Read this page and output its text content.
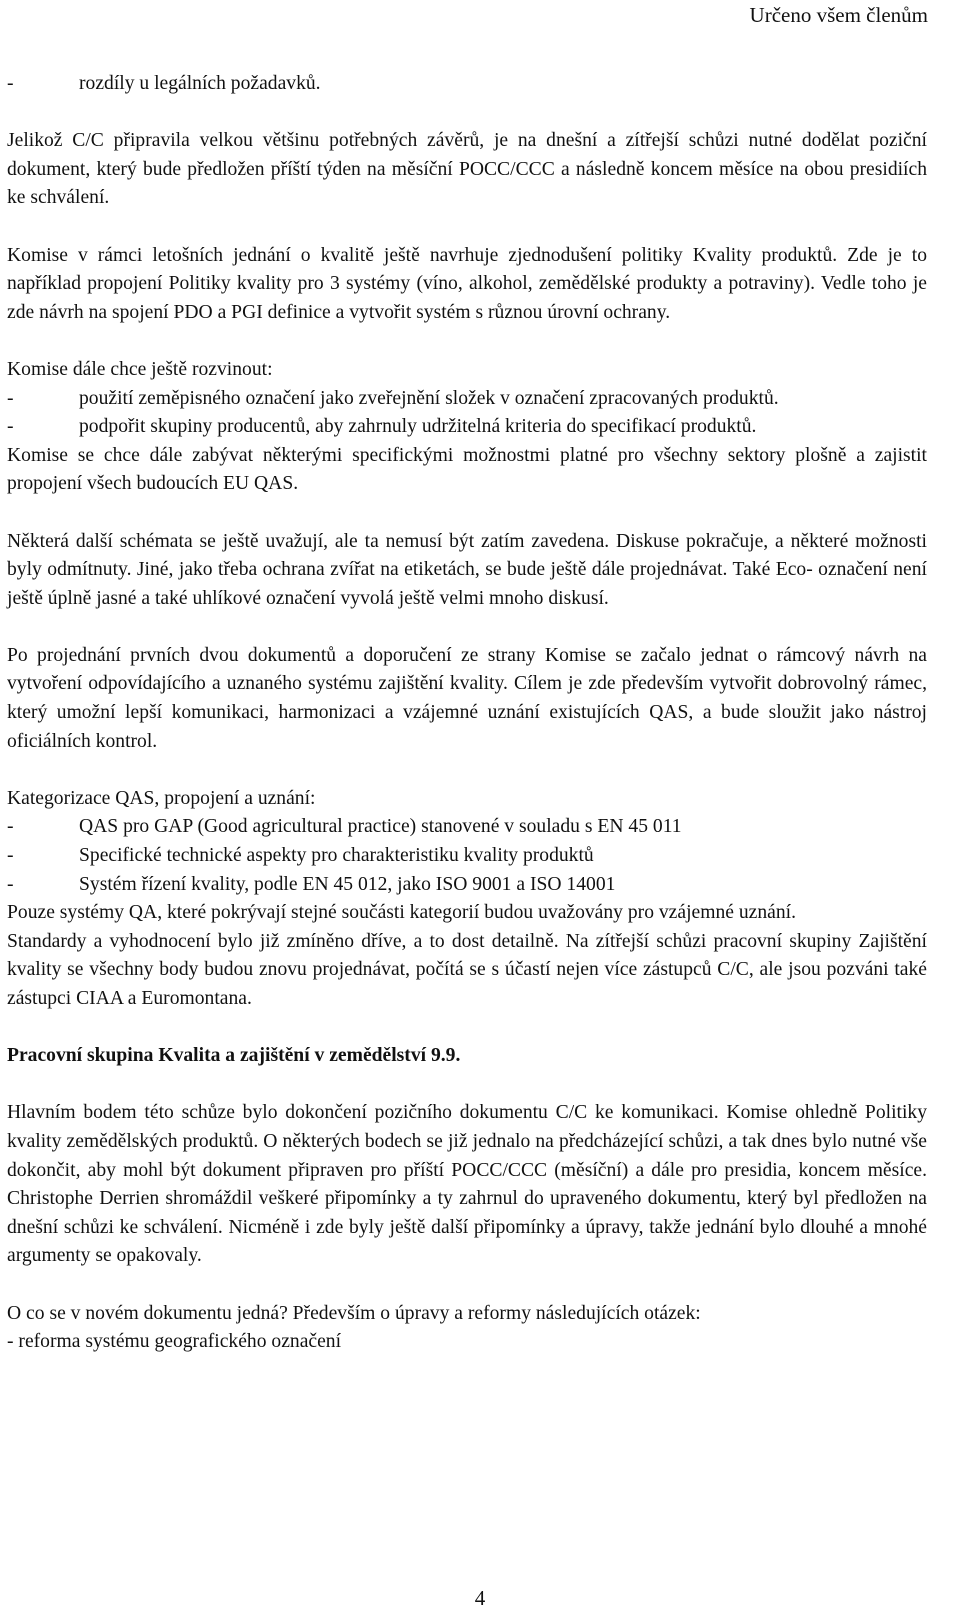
Určeno všem členům
-	rozdíly u legálních požadavků.

Jelikož C/C připravila velkou většinu potřebných závěrů, je na dnešní a zítřejší schůzi nutné dodělat poziční dokument, který bude předložen příští týden na měsíční POCC/CCC a následně koncem měsíce na obou presidiích ke schválení.

Komise v rámci letošních jednání o kvalitě ještě navrhuje zjednodušení politiky Kvality produktů. Zde je to například propojení Politiky kvality pro 3 systémy (víno, alkohol, zemědělské produkty a potraviny). Vedle toho je zde návrh na spojení PDO a PGI definice a vytvořit systém s různou úrovní ochrany.

Komise dále chce ještě rozvinout:

-	použití zeměpisného označení jako zveřejnění složek v označení zpracovaných produktů.
-	podpořit skupiny producentů, aby zahrnuly udržitelná kriteria do specifikací produktů.

Komise se chce dále zabývat některými specifickými možnostmi platné pro všechny sektory plošně a zajistit propojení všech budoucích EU QAS.

Některá další schémata se ještě uvažují, ale ta nemusí být zatím zavedena. Diskuse pokračuje, a některé možnosti byly odmítnuty. Jiné, jako třeba ochrana zvířat na etiketách, se bude ještě dále projednávat. Také Eco- označení není ještě úplně jasné a také uhlíkové označení vyvolá ještě velmi mnoho diskusí.

Po projednání prvních dvou dokumentů a doporučení ze strany Komise se začalo jednat o rámcový návrh na vytvoření odpovídajícího a uznaného systému zajištění kvality. Cílem je zde především vytvořit dobrovolný rámec, který umožní lepší komunikaci, harmonizaci a vzájemné uznání existujících QAS, a bude sloužit jako nástroj oficiálních kontrol.

Kategorizace QAS, propojení a uznání:

-	QAS pro GAP (Good agricultural practice) stanovené v souladu s EN 45 011
-	Specifické technické aspekty pro charakteristiku kvality produktů
-	Systém řízení kvality, podle EN 45 012, jako ISO 9001 a ISO 14001

Pouze systémy QA, které pokrývají stejné součásti kategorií budou uvažovány pro vzájemné uznání.

Standardy a vyhodnocení bylo již zmíněno dříve, a to dost detailně. Na zítřejší schůzi pracovní skupiny Zajištění kvality se všechny body budou znovu projednávat, počítá se s účastí nejen více zástupců C/C, ale jsou pozváni také zástupci CIAA a Euromontana.

Pracovní skupina Kvalita a zajištění v zemědělství 9.9.

Hlavním bodem této schůze bylo dokončení pozičního dokumentu C/C ke komunikaci. Komise ohledně Politiky kvality zemědělských produktů. O některých bodech se již jednalo na předcházející schůzi, a tak dnes bylo nutné vše dokončit, aby mohl být dokument připraven pro příští POCC/CCC (měsíční) a dále pro presidia, koncem měsíce. Christophe Derrien shromáždil veškeré připomínky a ty zahrnul do upraveného dokumentu, který byl předložen na dnešní schůzi ke schválení. Nicméně i zde byly ještě další připomínky a úpravy, takže jednání bylo dlouhé a mnohé argumenty se opakovaly.

O co se v novém dokumentu jedná? Především o úpravy a reformy následujících otázek:

- reforma systému geografického označení

4
